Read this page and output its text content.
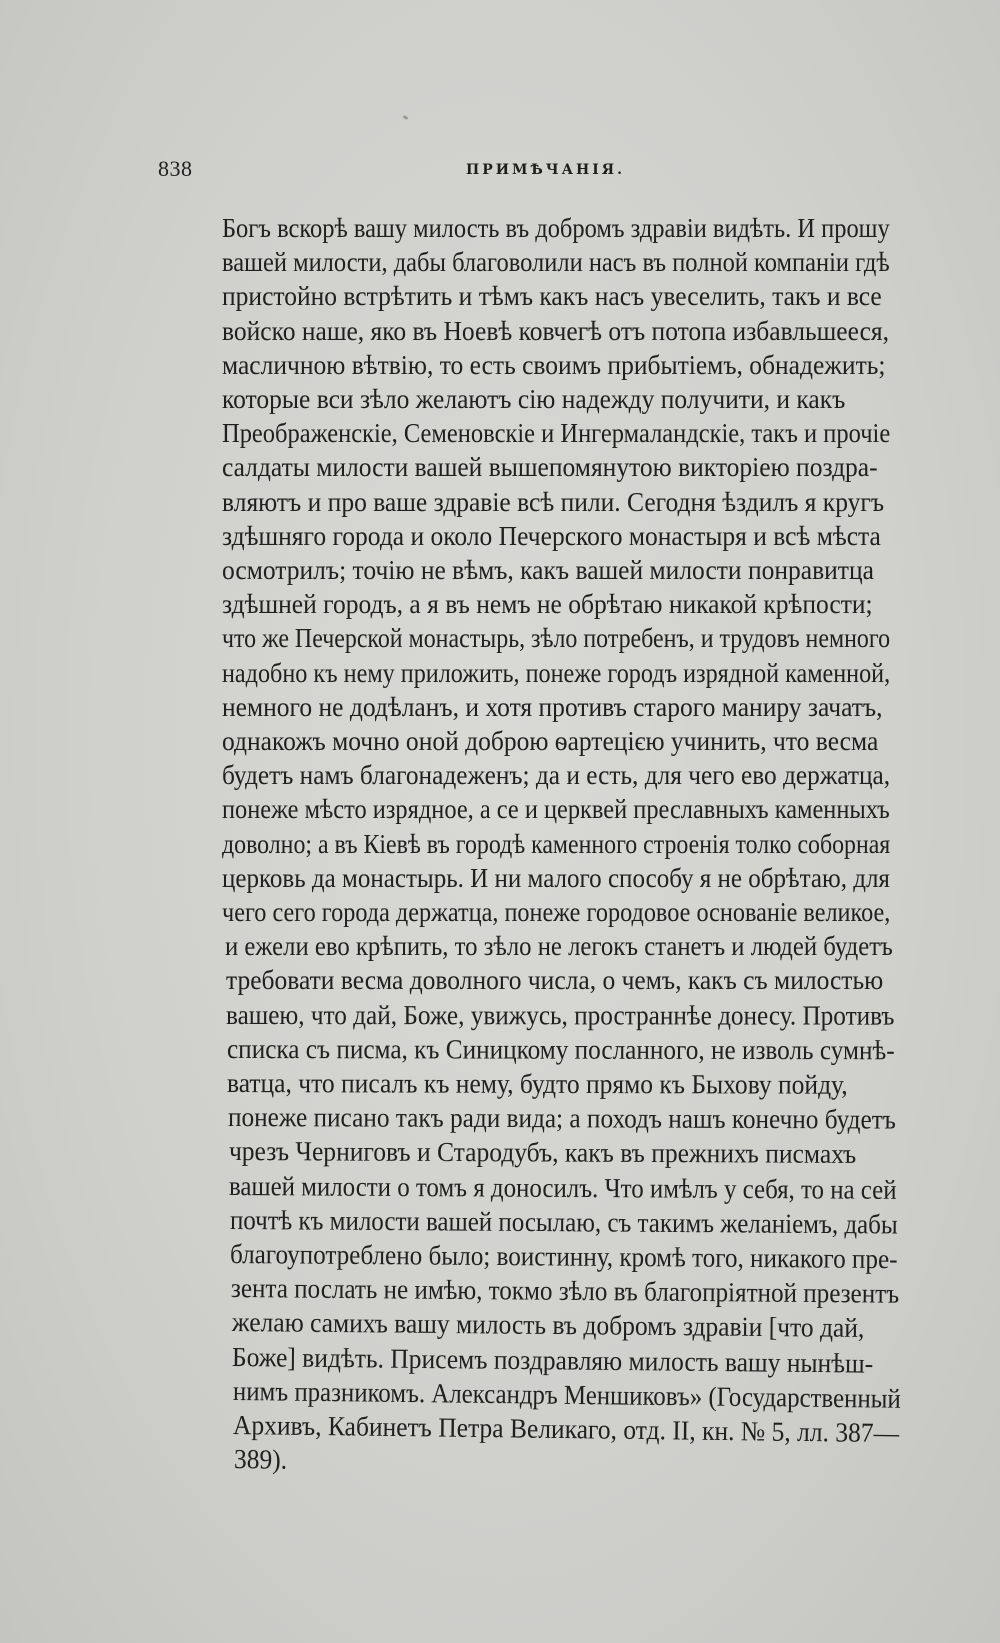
838	ПРИМѢЧАНІЯ.
Богъ вскорѣ вашу милость въ добромъ здравіи видѣть. И прошу
вашей милости, дабы благоволили насъ въ полной компаніи гдѣ
пристойно встрѣтить и тѣмъ какъ насъ увеселить, такъ и все
войско наше, яко въ Ноевѣ ковчегѣ отъ потопа избавльшееся,
масличною вѣтвію, то есть своимъ прибытіемъ, обнадежить;
которые вси зѣло желаютъ сію надежду получити, и какъ
Преображенскіе, Семеновскіе и Ингермаландскіе, такъ и прочіе
салдаты милости вашей вышепомянутою викторіею поздра-
вляютъ и про ваше здравіе всѣ пили. Сегодня ѣздилъ я кругъ
здѣшняго города и около Печерского монастыря и всѣ мѣста
осмотрилъ; точію не вѣмъ, какъ вашей милости понравитца
здѣшней городъ, а я въ немъ не обрѣтаю никакой крѣпости;
что же Печерской монастырь, зѣло потребенъ, и трудовъ немного
надобно къ нему приложить, понеже городъ изрядной каменной,
немного не додѣланъ, и хотя противъ старого маниру зачатъ,
однакожъ мочно оной доброю ѳартецією учинить, что весма
будетъ намъ благонадеженъ; да и есть, для чего ево держатца,
понеже мѣсто изрядное, а се и церквей преславныхъ каменныхъ
доволно; а въ Кіевѣ въ городѣ каменного строенія толко соборная
церковь да монастырь. И ни малого способу я не обрѣтаю, для
чего сего города держатца, понеже городовое основаніе великое,
и ежели ево крѣпить, то зѣло не легокъ станетъ и людей будетъ
требовати весма доволного числа, о чемъ, какъ съ милостью
вашею, что дай, Боже, увижусь, пространнѣе донесу. Противъ
списка съ писма, къ Синицкому посланного, не изволь сумнѣ-
ватца, что писалъ къ нему, будто прямо къ Быхову пойду,
понеже писано такъ ради вида; а походъ нашъ конечно будетъ
чрезъ Черниговъ и Стародубъ, какъ въ прежнихъ писмахъ
вашей милости о томъ я доносилъ. Что имѣлъ у себя, то на сей
почтѣ къ милости вашей посылаю, съ такимъ желаніемъ, дабы
благоупотреблено было; воистинну, кромѣ того, никакого пре-
зента послать не имѣю, токмо зѣло въ благопріятной презентъ
желаю самихъ вашу милость въ добромъ здравіи [что дай,
Боже] видѣть. Присемъ поздравляю милость вашу нынѣш-
нимъ празникомъ. Александръ Меншиковъ» (Государственный
Архивъ, Кабинетъ Петра Великаго, отд. II, кн. № 5, лл. 387—
389).
